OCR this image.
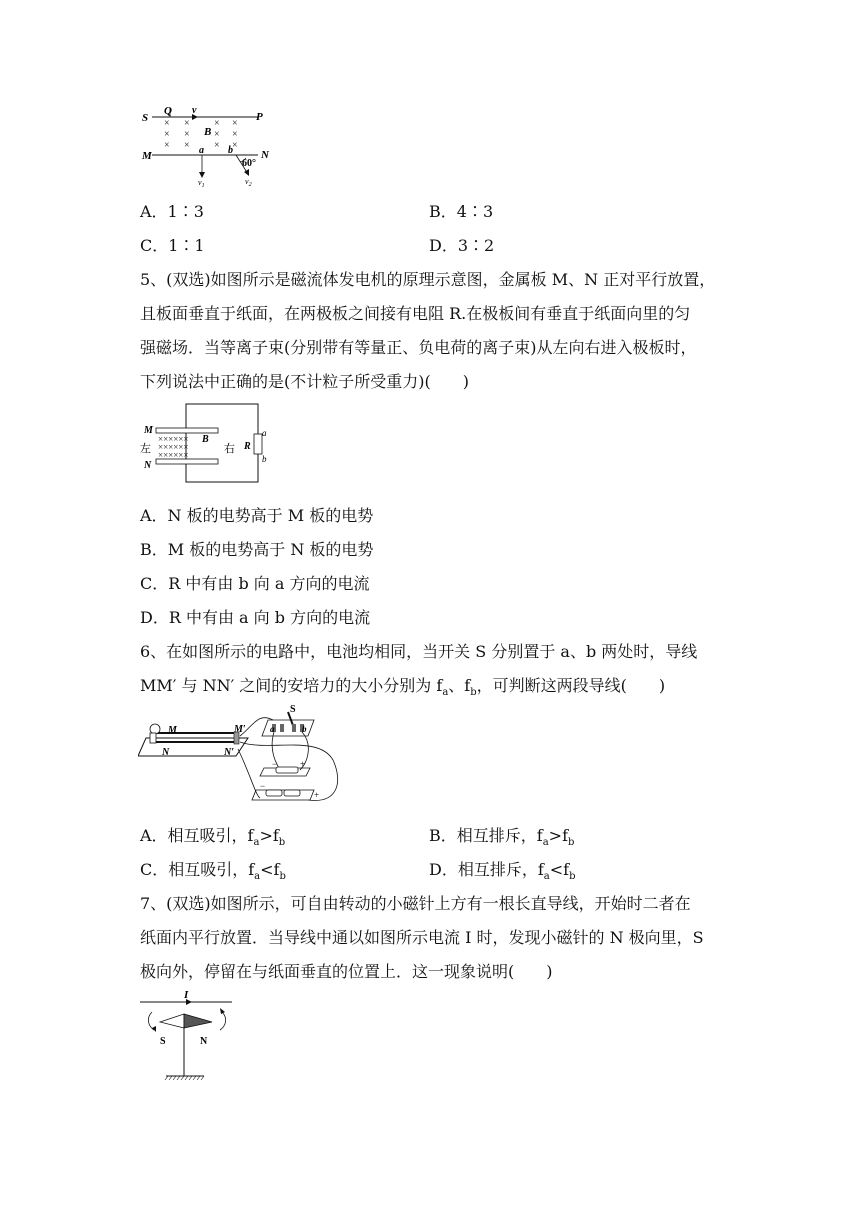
× × × ×
× × × ×
× × × ×
S
Q v
B
P
M	a b	N
60°
$v_1$	$v_2$
A．1∶3	B．4∶3
C．1∶1	D．3∶2
5、(双选)如图所示是磁流体发电机的原理示意图，金属板 M、N 正对平行放置，
且板面垂直于纸面，在两极板之间接有电阻 R.在极板间有垂直于纸面向里的匀
强磁场．当等离子束(分别带有等量正、负电荷的离子束)从左向右进入极板时，
下列说法中正确的是(不计粒子所受重力)(　　)
××××××
××××××
××××××
M
N
左	右
B
R
a
b
A．N 板的电势高于 M 板的电势
B．M 板的电势高于 N 板的电势
C．R 中有由 b 向 a 方向的电流
D．R 中有由 a 向 b 方向的电流
6、在如图所示的电路中，电池均相同，当开关 S 分别置于 a、b 两处时，导线
MM′ 与 NN′ 之间的安培力的大小分别为 $f_a$、$f_b$，可判断这两段导线(　　)
M	M′
N	N′
S
a	b
−	+
−
+
A．相互吸引，$f_a>f_b$	B．相互排斥，$f_a>f_b$
C．相互吸引，$f_a<f_b$	D．相互排斥，$f_a<f_b$
7、(双选)如图所示，可自由转动的小磁针上方有一根长直导线，开始时二者在
纸面内平行放置．当导线中通以如图所示电流 I 时，发现小磁针的 N 极向里，S
极向外，停留在与纸面垂直的位置上．这一现象说明(　　)
I
S	N
